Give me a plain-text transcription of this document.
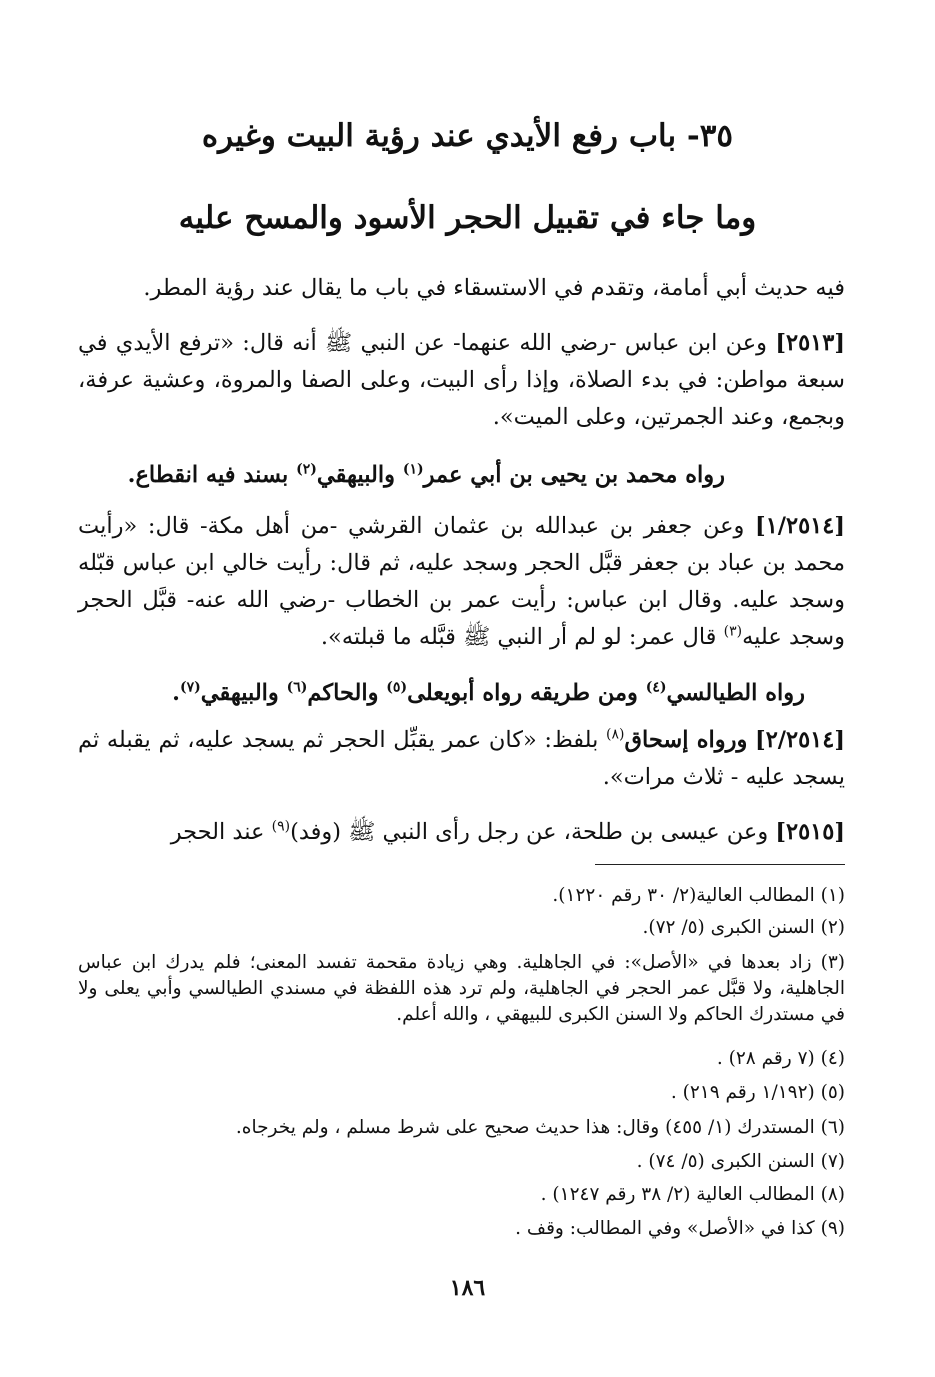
٣٥- باب رفع الأيدي عند رؤية البيت وغيره
وما جاء في تقبيل الحجر الأسود والمسح عليه
فيه حديث أبي أمامة، وتقدم في الاستسقاء في باب ما يقال عند رؤية المطر.
[٢٥١٣] وعن ابن عباس -رضي الله عنهما- عن النبي ﷺ أنه قال: «ترفع الأيدي في سبعة مواطن: في بدء الصلاة، وإذا رأى البيت، وعلى الصفا والمروة، وعشية عرفة، وبجمع، وعند الجمرتين، وعلى الميت».
رواه محمد بن يحيى بن أبي عمر$^{(١)}$ والبيهقي$^{(٢)}$ بسند فيه انقطاع.
[١/٢٥١٤] وعن جعفر بن عبدالله بن عثمان القرشي -من أهل مكة- قال: «رأيت محمد بن عباد بن جعفر قبَّل الحجر وسجد عليه، ثم قال: رأيت خالي ابن عباس قبّله وسجد عليه. وقال ابن عباس: رأيت عمر بن الخطاب -رضي الله عنه- قبَّل الحجر وسجد عليه$^{(٣)}$ قال عمر: لو لم أر النبي ﷺ قبَّله ما قبلته».
رواه الطيالسي$^{(٤)}$ ومن طريقه رواه أبويعلى$^{(٥)}$ والحاكم$^{(٦)}$ والبيهقي$^{(٧)}$.
[٢/٢٥١٤] ورواه إسحاق$^{(٨)}$ بلفظ: «كان عمر يقبِّل الحجر ثم يسجد عليه، ثم يقبله ثم يسجد عليه - ثلاث مرات».
[٢٥١٥] وعن عيسى بن طلحة، عن رجل رأى النبي ﷺ (وفد)$^{(٩)}$ عند الحجر
(١) المطالب العالية(٢/ ٣٠ رقم ١٢٢٠).
(٢) السنن الكبرى (٥/ ٧٢).
(٣) زاد بعدها في «الأصل»: في الجاهلية. وهي زيادة مقحمة تفسد المعنى؛ فلم يدرك ابن عباس الجاهلية، ولا قبَّل عمر الحجر في الجاهلية، ولم ترد هذه اللفظة في مسندي الطيالسي وأبي يعلى ولا في مستدرك الحاكم ولا السنن الكبرى للبيهقي ، والله أعلم.
(٤) (٧ رقم ٢٨) .
(٥) (١/١٩٢ رقم ٢١٩) .
(٦) المستدرك (١/ ٤٥٥) وقال: هذا حديث صحيح على شرط مسلم ، ولم يخرجاه.
(٧) السنن الكبرى (٥/ ٧٤) .
(٨) المطالب العالية (٢/ ٣٨ رقم ١٢٤٧) .
(٩) كذا في «الأصل» وفي المطالب: وقف .
١٨٦
